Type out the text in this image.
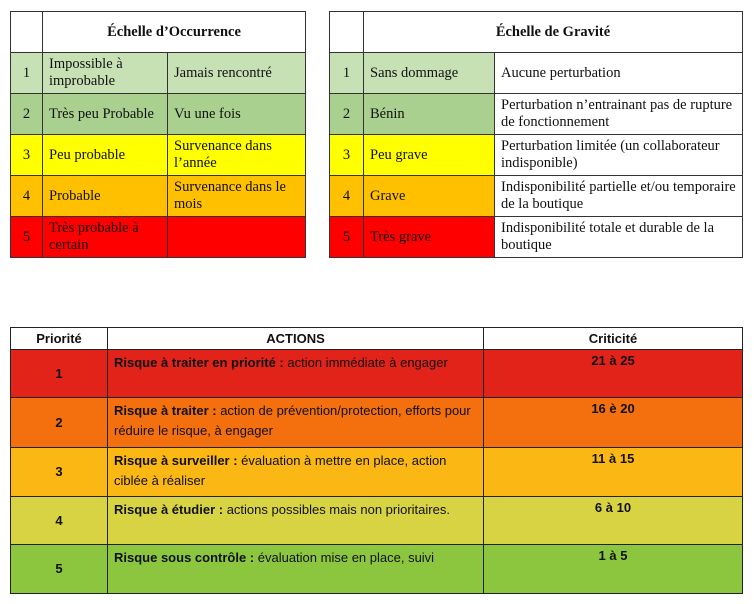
	Échelle d’Occurrence	
1	Impossible à improbable	Jamais rencontré
2	Très peu Probable	Vu une fois
3	Peu probable	Survenance dans l’année
4	Probable	Survenance dans le mois
5	Très probable à certain	
	Échelle de Gravité	
1	Sans dommage	Aucune perturbation
2	Bénin	Perturbation n’entrainant pas de rupture de fonctionnement
3	Peu grave	Perturbation limitée (un collaborateur indisponible)
4	Grave	Indisponibilité partielle et/ou temporaire de la boutique
5	Très grave	Indisponibilité totale et durable de la boutique
Priorité	ACTIONS	Criticité
1	Risque à traiter en priorité : action immédiate à engager	21 à 25
2	Risque à traiter : action de prévention/protection, efforts pour réduire le risque, à engager	16 è 20
3	Risque à surveiller : évaluation à mettre en place, action ciblée à réaliser	11 à 15
4	Risque à étudier : actions possibles mais non prioritaires.	6 à 10
5	Risque sous contrôle : évaluation mise en place, suivi	1 à 5
